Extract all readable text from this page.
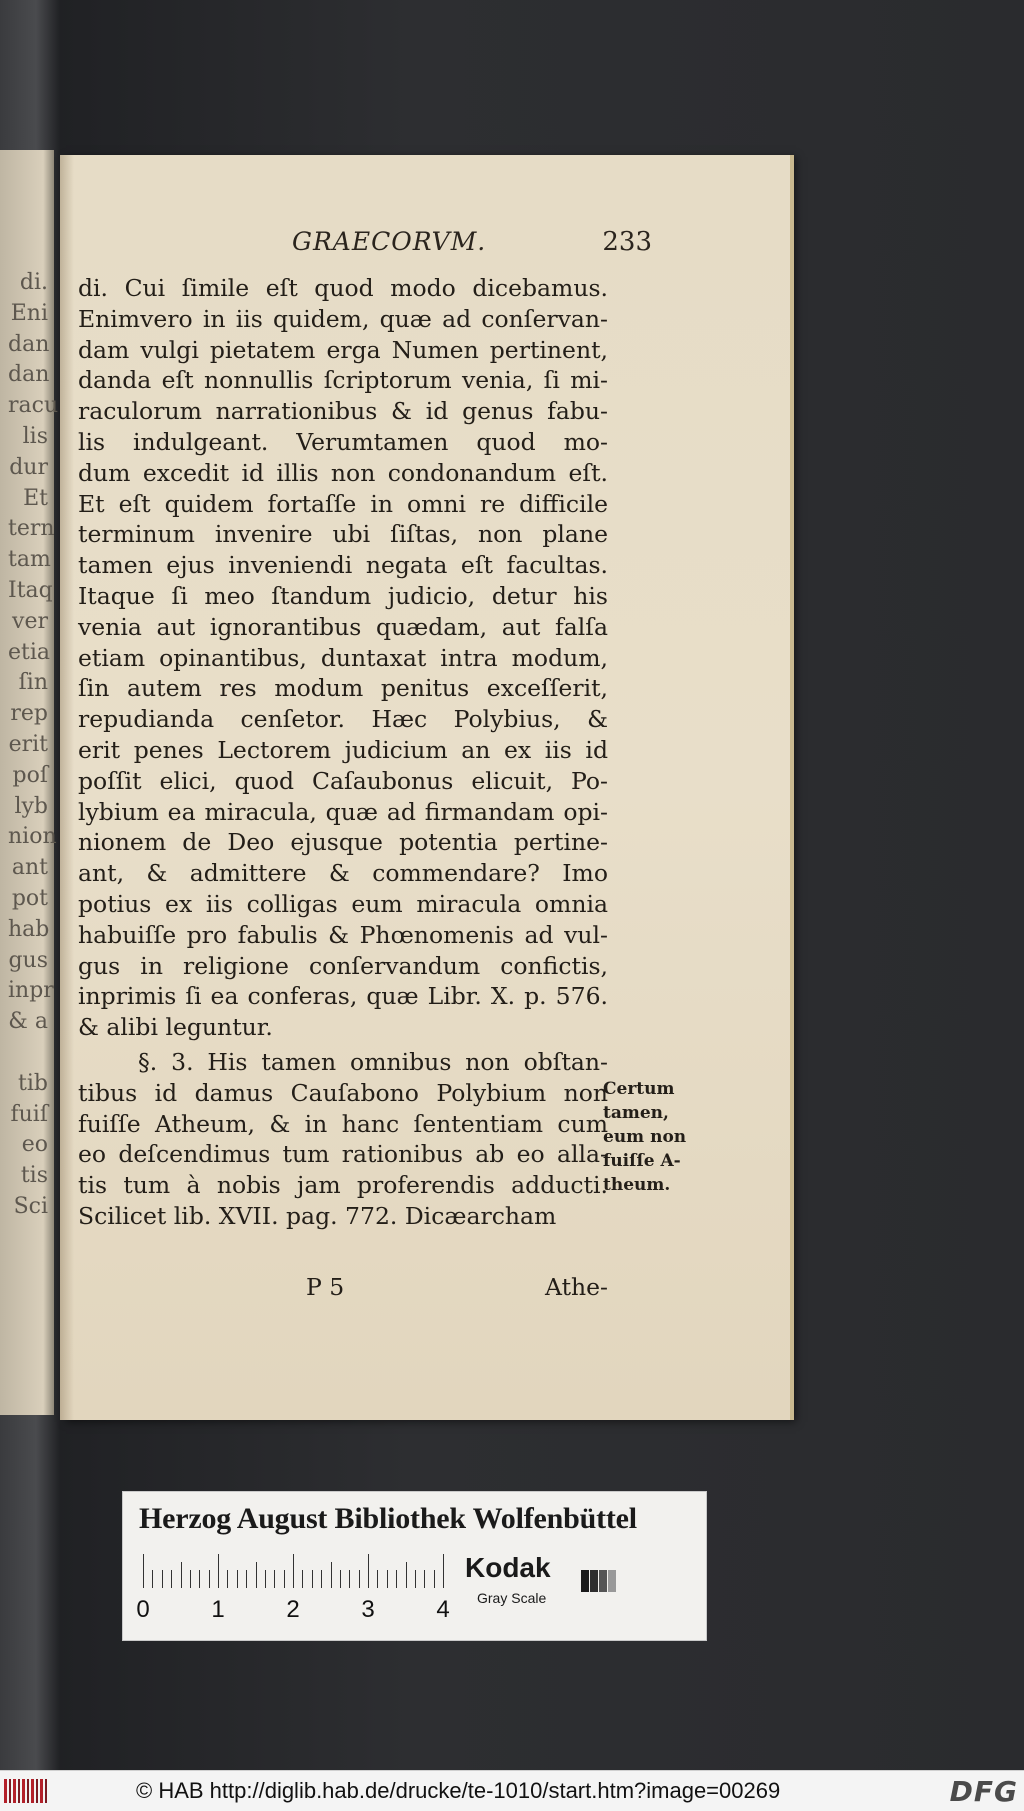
di.
Eni
dan
dan
racu
lis
dur
Et
tern
tam
Itaq
ver
etia
ſin
rep
erit
poſ
lyb
nion
ant
pot
hab
gus
inpr
& a
tib
fuiſ
eo
tis
Sci
GRAECORVM.	233
di. Cui ſimile eſt quod modo dicebamus.
Enimvero in iis quidem, quæ ad conſervan-
dam vulgi pietatem erga Numen pertinent,
danda eſt nonnullis ſcriptorum venia, ſi mi-
raculorum narrationibus & id genus fabu-
lis indulgeant. Verumtamen quod mo-
dum excedit id illis non condonandum eſt.
Et eſt quidem fortaſſe in omni re difficile
terminum invenire ubi ſiſtas, non plane
tamen ejus inveniendi negata eſt facultas.
Itaque ſi meo ſtandum judicio, detur his
venia aut ignorantibus quædam, aut falſa
etiam opinantibus, duntaxat intra modum,
ſin autem res modum penitus exceſſerit,
repudianda cenſetor. Hæc Polybius, &
erit penes Lectorem judicium an ex iis id
poſſit elici, quod Caſaubonus elicuit, Po-
lybium ea miracula, quæ ad firmandam opi-
nionem de Deo ejusque potentia pertine-
ant, & admittere & commendare? Imo
potius ex iis colligas eum miracula omnia
habuiſſe pro fabulis & Phœnomenis ad vul-
gus in religione conſervandum confictis,
inprimis ſi ea conferas, quæ Libr. X. p. 576.
& alibi leguntur.
§. 3. His tamen omnibus non obſtan-
tibus id damus Cauſabono Polybium non
fuiſſe Atheum, & in hanc ſententiam cum
eo deſcendimus tum rationibus ab eo alla-
tis tum à nobis jam proferendis adducti.
Scilicet lib. XVII. pag. 772. Dicæarcham
Certum
tamen,
eum non
fuiſſe A-
theum.
P 5	Athe-
Herzog August Bibliothek Wolfenbüttel
0	1	2	3	4
Kodak
Gray Scale
© HAB http://diglib.hab.de/drucke/te-1010/start.htm?image=00269	DFG
